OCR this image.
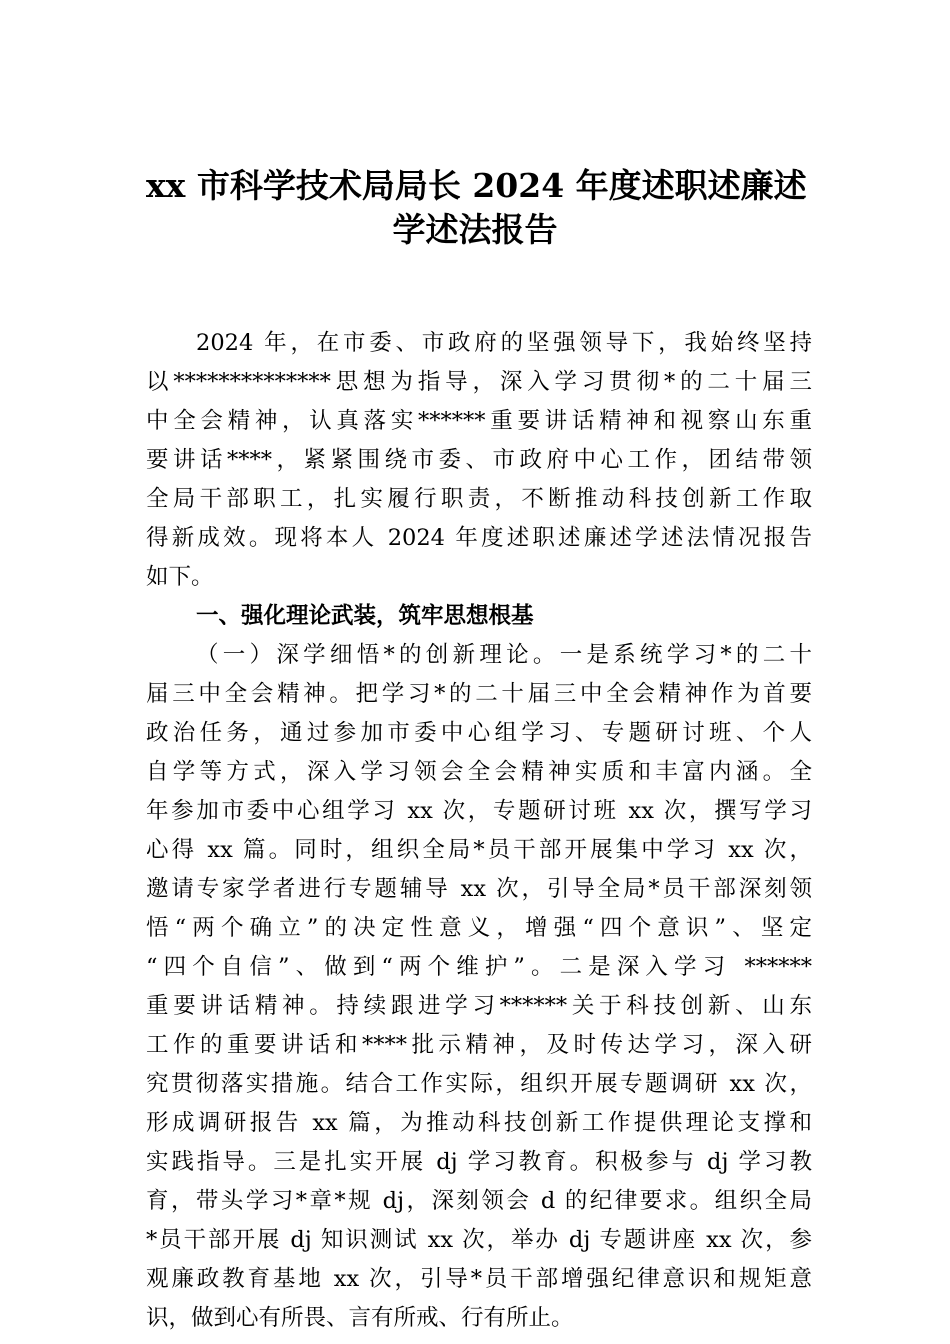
xx 市科学技术局局长 2024 年度述职述廉述
学述法报告
2024 年，在市委、市政府的坚强领导下，我始终坚持
以**************思想为指导，深入学习贯彻*的二十届三
中全会精神，认真落实******重要讲话精神和视察山东重
要讲话****，紧紧围绕市委、市政府中心工作，团结带领
全局干部职工，扎实履行职责，不断推动科技创新工作取
得新成效。现将本人 2024 年度述职述廉述学述法情况报告
如下。
一、强化理论武装，筑牢思想根基
（一）深学细悟*的创新理论。一是系统学习*的二十
届三中全会精神。把学习*的二十届三中全会精神作为首要
政治任务，通过参加市委中心组学习、专题研讨班、个人
自学等方式，深入学习领会全会精神实质和丰富内涵。全
年参加市委中心组学习 xx 次，专题研讨班 xx 次，撰写学习
心得 xx 篇。同时，组织全局*员干部开展集中学习 xx 次，
邀请专家学者进行专题辅导 xx 次，引导全局*员干部深刻领
悟“两个确立”的决定性意义，增强“四个意识”、坚定
“四个自信”、做到“两个维护”。二是深入学习 ******
重要讲话精神。持续跟进学习******关于科技创新、山东
工作的重要讲话和****批示精神，及时传达学习，深入研
究贯彻落实措施。结合工作实际，组织开展专题调研 xx 次，
形成调研报告 xx 篇，为推动科技创新工作提供理论支撑和
实践指导。三是扎实开展 dj 学习教育。积极参与 dj 学习教
育，带头学习*章*规 dj，深刻领会 d 的纪律要求。组织全局
*员干部开展 dj 知识测试 xx 次，举办 dj 专题讲座 xx 次，参
观廉政教育基地 xx 次，引导*员干部增强纪律意识和规矩意
识，做到心有所畏、言有所戒、行有所止。
